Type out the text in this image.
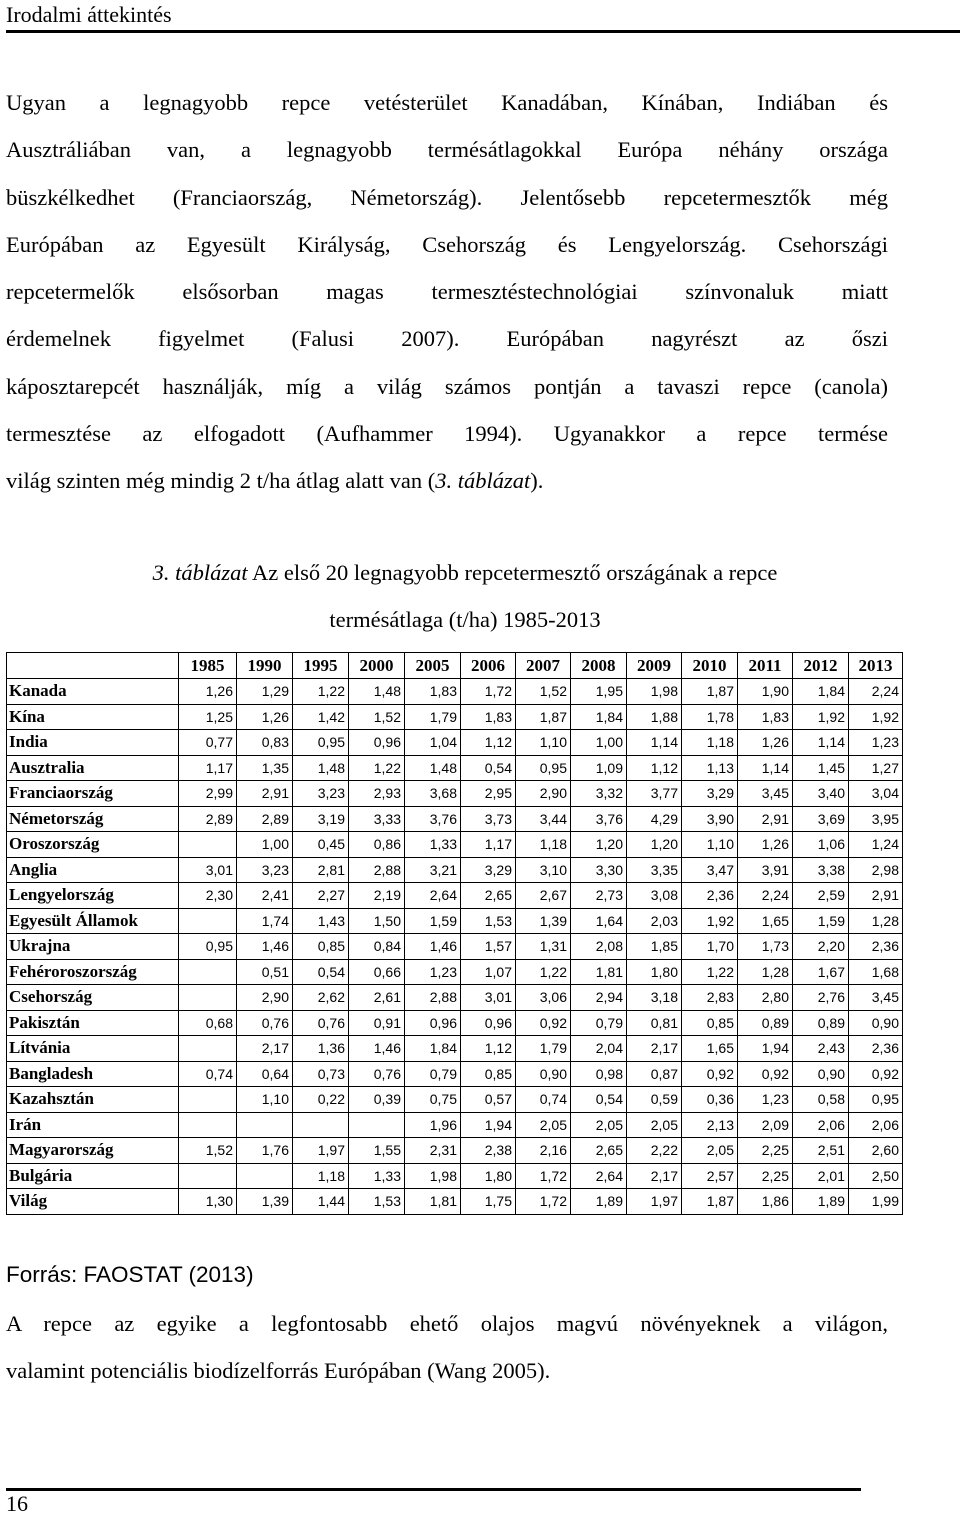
Irodalmi áttekintés
Ugyan a legnagyobb repce vetésterület Kanadában, Kínában, Indiában és
Ausztráliában van, a legnagyobb termésátlagokkal Európa néhány országa
büszkélkedhet (Franciaország, Németország). Jelentősebb repcetermesztők még
Európában az Egyesült Királyság, Csehország és Lengyelország. Csehországi
repcetermelők elsősorban magas termesztéstechnológiai színvonaluk miatt
érdemelnek figyelmet (Falusi 2007). Európában nagyrészt az őszi
káposztarepcét használják, míg a világ számos pontján a tavaszi repce (canola)
termesztése az elfogadott (Aufhammer 1994). Ugyanakkor a repce termése
világ szinten még mindig 2 t/ha átlag alatt van (3. táblázat).
3. táblázat Az első 20 legnagyobb repcetermesztő országának a repce
termésátlaga (t/ha) 1985-2013
	1985	1990	1995	2000	2005	2006	2007	2008	2009	2010	2011	2012	2013
Kanada	1,26	1,29	1,22	1,48	1,83	1,72	1,52	1,95	1,98	1,87	1,90	1,84	2,24
Kína	1,25	1,26	1,42	1,52	1,79	1,83	1,87	1,84	1,88	1,78	1,83	1,92	1,92
India	0,77	0,83	0,95	0,96	1,04	1,12	1,10	1,00	1,14	1,18	1,26	1,14	1,23
Ausztralia	1,17	1,35	1,48	1,22	1,48	0,54	0,95	1,09	1,12	1,13	1,14	1,45	1,27
Franciaország	2,99	2,91	3,23	2,93	3,68	2,95	2,90	3,32	3,77	3,29	3,45	3,40	3,04
Németország	2,89	2,89	3,19	3,33	3,76	3,73	3,44	3,76	4,29	3,90	2,91	3,69	3,95
Oroszország		1,00	0,45	0,86	1,33	1,17	1,18	1,20	1,20	1,10	1,26	1,06	1,24
Anglia	3,01	3,23	2,81	2,88	3,21	3,29	3,10	3,30	3,35	3,47	3,91	3,38	2,98
Lengyelország	2,30	2,41	2,27	2,19	2,64	2,65	2,67	2,73	3,08	2,36	2,24	2,59	2,91
Egyesült Államok		1,74	1,43	1,50	1,59	1,53	1,39	1,64	2,03	1,92	1,65	1,59	1,28
Ukrajna	0,95	1,46	0,85	0,84	1,46	1,57	1,31	2,08	1,85	1,70	1,73	2,20	2,36
Fehéroroszország		0,51	0,54	0,66	1,23	1,07	1,22	1,81	1,80	1,22	1,28	1,67	1,68
Csehország		2,90	2,62	2,61	2,88	3,01	3,06	2,94	3,18	2,83	2,80	2,76	3,45
Pakisztán	0,68	0,76	0,76	0,91	0,96	0,96	0,92	0,79	0,81	0,85	0,89	0,89	0,90
Lítvánia		2,17	1,36	1,46	1,84	1,12	1,79	2,04	2,17	1,65	1,94	2,43	2,36
Bangladesh	0,74	0,64	0,73	0,76	0,79	0,85	0,90	0,98	0,87	0,92	0,92	0,90	0,92
Kazahsztán		1,10	0,22	0,39	0,75	0,57	0,74	0,54	0,59	0,36	1,23	0,58	0,95
Irán					1,96	1,94	2,05	2,05	2,05	2,13	2,09	2,06	2,06
Magyarország	1,52	1,76	1,97	1,55	2,31	2,38	2,16	2,65	2,22	2,05	2,25	2,51	2,60
Bulgária			1,18	1,33	1,98	1,80	1,72	2,64	2,17	2,57	2,25	2,01	2,50
Világ	1,30	1,39	1,44	1,53	1,81	1,75	1,72	1,89	1,97	1,87	1,86	1,89	1,99
Forrás: FAOSTAT (2013)
A repce az egyike a legfontosabb ehető olajos magvú növényeknek a világon,
valamint potenciális biodízelforrás Európában (Wang 2005).
16
